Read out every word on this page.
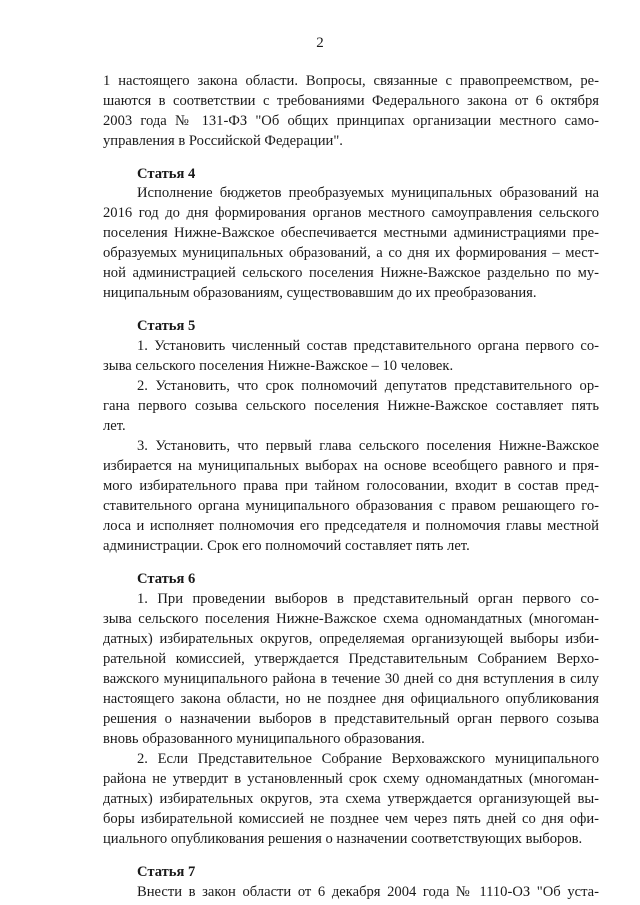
2
1 настоящего закона области. Вопросы, связанные с правопреемством, ре-
шаются в соответствии с требованиями Федерального закона от 6 октября
2003 года № 131-ФЗ "Об общих принципах организации местного само-
управления в Российской Федерации".
Статья 4
Исполнение бюджетов преобразуемых муниципальных образований на
2016 год до дня формирования органов местного самоуправления сельского
поселения Нижне-Важское обеспечивается местными администрациями пре-
образуемых муниципальных образований, а со дня их формирования – мест-
ной администрацией сельского поселения Нижне-Важское раздельно по му-
ниципальным образованиям, существовавшим до их преобразования.
Статья 5
1. Установить численный состав представительного органа первого со-
зыва сельского поселения Нижне-Важское – 10 человек.
2. Установить, что срок полномочий депутатов представительного ор-
гана первого созыва сельского поселения Нижне-Важское составляет пять
лет.
3. Установить, что первый глава сельского поселения Нижне-Важское
избирается на муниципальных выборах на основе всеобщего равного и пря-
мого избирательного права при тайном голосовании, входит в состав пред-
ставительного органа муниципального образования с правом решающего го-
лоса и исполняет полномочия его председателя и полномочия главы местной
администрации. Срок его полномочий составляет пять лет.
Статья 6
1. При проведении выборов в представительный орган первого со-
зыва сельского поселения Нижне-Важское схема одномандатных (многоман-
датных) избирательных округов, определяемая организующей выборы изби-
рательной комиссией, утверждается Представительным Собранием Верхо-
важского муниципального района в течение 30 дней со дня вступления в силу
настоящего закона области, но не позднее дня официального опубликования
решения о назначении выборов в представительный орган первого созыва
вновь образованного муниципального образования.
2. Если Представительное Собрание Верховажского муниципального
района не утвердит в установленный срок схему одномандатных (многоман-
датных) избирательных округов, эта схема утверждается организующей вы-
боры избирательной комиссией не позднее чем через пять дней со дня офи-
циального опубликования решения о назначении соответствующих выборов.
Статья 7
Внести в закон области от 6 декабря 2004 года № 1110-ОЗ "Об уста-
